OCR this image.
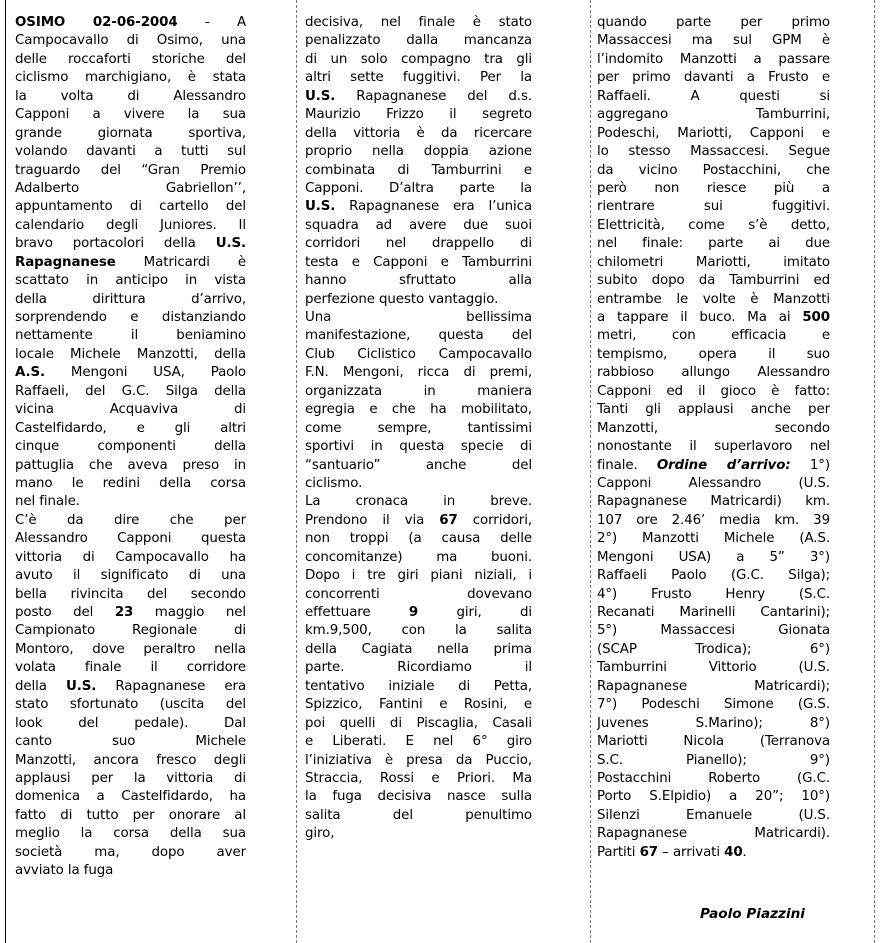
OSIMO 02-06-2004 - A
Campocavallo di Osimo, una
delle roccaforti storiche del
ciclismo marchigiano, è stata
la volta di Alessandro
Capponi a vivere la sua
grande giornata sportiva,
volando davanti a tutti sul
traguardo del “Gran Premio
Adalberto Gabriellon’’,
appuntamento di cartello del
calendario degli Juniores. Il
bravo portacolori della U.S.
Rapagnanese Matricardi è
scattato in anticipo in vista
della dirittura d’arrivo,
sorprendendo e distanziando
nettamente il beniamino
locale Michele Manzotti, della
A.S. Mengoni USA, Paolo
Raffaeli, del G.C. Silga della
vicina Acquaviva di
Castelfidardo, e gli altri
cinque componenti della
pattuglia che aveva preso in
mano le redini della corsa
nel finale.
C’è da dire che per
Alessandro Capponi questa
vittoria di Campocavallo ha
avuto il significato di una
bella rivincita del secondo
posto del 23 maggio nel
Campionato Regionale di
Montoro, dove peraltro nella
volata finale il corridore
della U.S. Rapagnanese era
stato sfortunato (uscita del
look del pedale). Dal
canto suo Michele
Manzotti, ancora fresco degli
applausi per la vittoria di
domenica a Castelfidardo, ha
fatto di tutto per onorare al
meglio la corsa della sua
società ma, dopo aver
avviato la fuga
decisiva, nel finale è stato
penalizzato dalla mancanza
di un solo compagno tra gli
altri sette fuggitivi. Per la
U.S. Rapagnanese del d.s.
Maurizio Frizzo il segreto
della vittoria è da ricercare
proprio nella doppia azione
combinata di Tamburrini e
Capponi. D’altra parte la
U.S. Rapagnanese era l’unica
squadra ad avere due suoi
corridori nel drappello di
testa e Capponi e Tamburrini
hanno sfruttato alla
perfezione questo vantaggio.
Una bellissima
manifestazione, questa del
Club Ciclistico Campocavallo
F.N. Mengoni, ricca di premi,
organizzata in maniera
egregia e che ha mobilitato,
come sempre, tantissimi
sportivi in questa specie di
“santuario” anche del
ciclismo.
La cronaca in breve.
Prendono il via 67 corridori,
non troppi (a causa delle
concomitanze) ma buoni.
Dopo i tre giri piani niziali, i
concorrenti dovevano
effettuare 9 giri, di
km.9,500, con la salita
della Cagiata nella prima
parte. Ricordiamo il
tentativo iniziale di Petta,
Spizzico, Fantini e Rosini, e
poi quelli di Piscaglia, Casali
e Liberati. E nel 6° giro
l’iniziativa è presa da Puccio,
Straccia, Rossi e Priori. Ma
la fuga decisiva nasce sulla
salita del penultimo
giro,
quando parte per primo
Massaccesi ma sul GPM è
l’indomito Manzotti a passare
per primo davanti a Frusto e
Raffaeli. A questi si
aggregano Tamburrini,
Podeschi, Mariotti, Capponi e
lo stesso Massaccesi. Segue
da vicino Postacchini, che
però non riesce più a
rientrare sui fuggitivi.
Elettricità, come s’è detto,
nel finale: parte ai due
chilometri Mariotti, imitato
subito dopo da Tamburrini ed
entrambe le volte è Manzotti
a tappare il buco. Ma ai 500
metri, con efficacia e
tempismo, opera il suo
rabbioso allungo Alessandro
Capponi ed il gioco è fatto:
Tanti gli applausi anche per
Manzotti, secondo
nonostante il superlavoro nel
finale. Ordine d’arrivo: 1°)
Capponi Alessandro (U.S.
Rapagnanese Matricardi) km.
107 ore 2.46’ media km. 39
2°) Manzotti Michele (A.S.
Mengoni USA) a 5” 3°)
Raffaeli Paolo (G.C. Silga);
4°) Frusto Henry (S.C.
Recanati Marinelli Cantarini);
5°) Massaccesi Gionata
(SCAP Trodica); 6°)
Tamburrini Vittorio (U.S.
Rapagnanese Matricardi);
7°) Podeschi Simone (G.S.
Juvenes S.Marino); 8°)
Mariotti Nicola (Terranova
S.C. Pianello); 9°)
Postacchini Roberto (G.C.
Porto S.Elpidio) a 20”; 10°)
Silenzi Emanuele (U.S.
Rapagnanese Matricardi).
Partiti 67 – arrivati 40.
Paolo Piazzini
